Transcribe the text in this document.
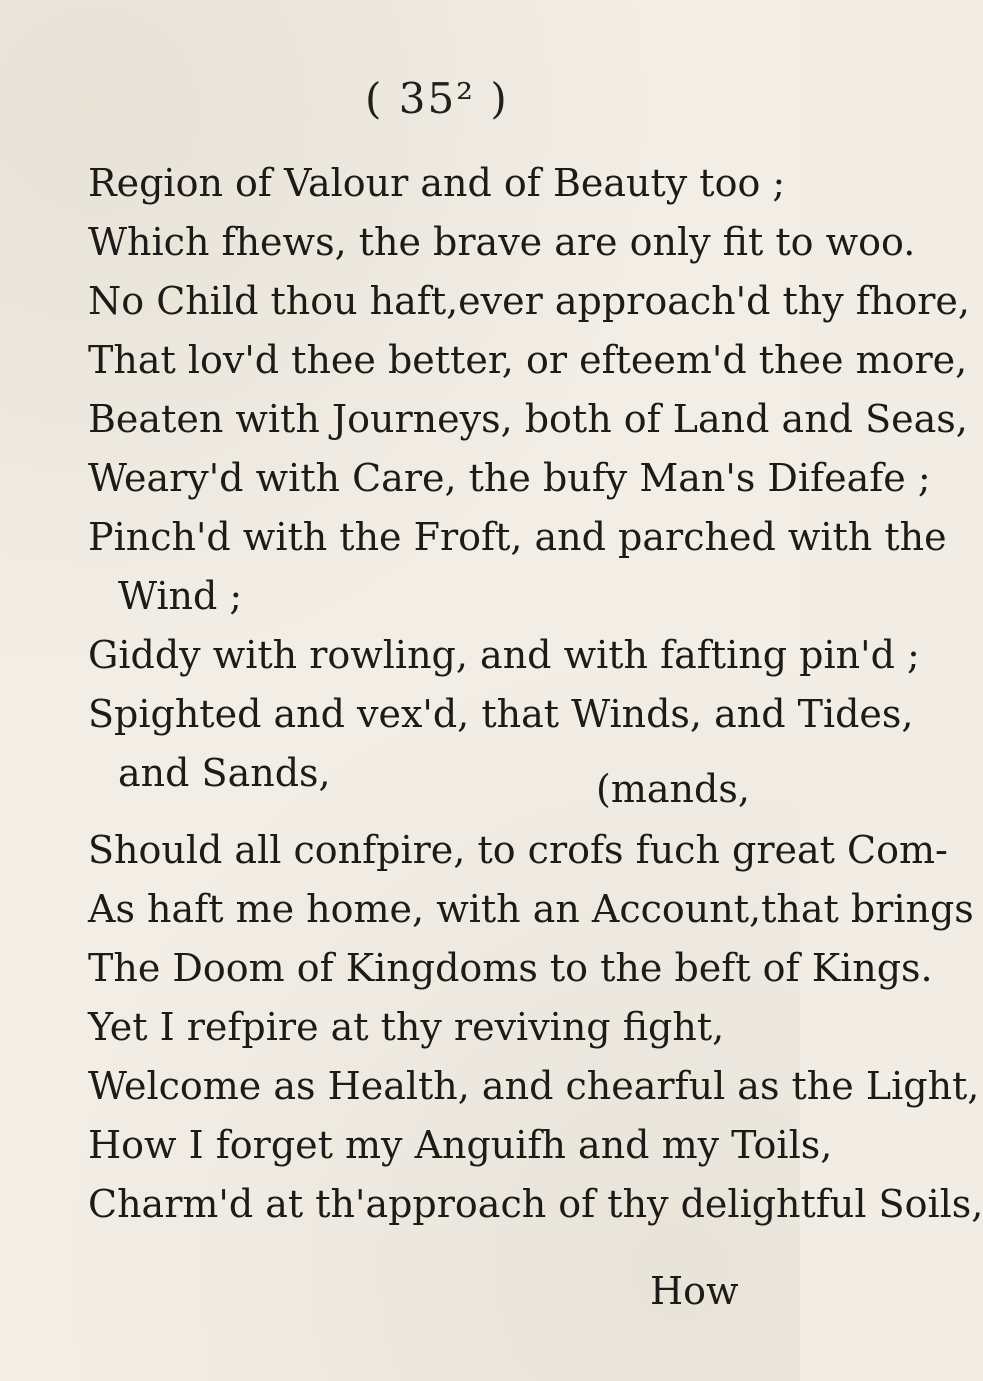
( 35² )
Region of Valour and of Beauty too ;
Which fhews, the brave are only fit to woo.
No Child thou haft,ever approach'd thy fhore,
That lov'd thee better, or efteem'd thee more,
Beaten with Journeys, both of Land and Seas,
Weary'd with Care, the bufy Man's Difeafe ;
Pinch'd with the Froft, and parched with the
Wind ;
Giddy with rowling, and with fafting pin'd ;
Spighted and vex'd, that Winds, and Tides,
and Sands,	(mands,
Should all confpire, to crofs fuch great Com-
As haft me home, with an Account,that brings
The Doom of Kingdoms to the beft of Kings.
Yet I refpire at thy reviving fight,
Welcome as Health, and chearful as the Light,
How I forget my Anguifh and my Toils,
Charm'd at th'approach of thy delightful Soils,
How
